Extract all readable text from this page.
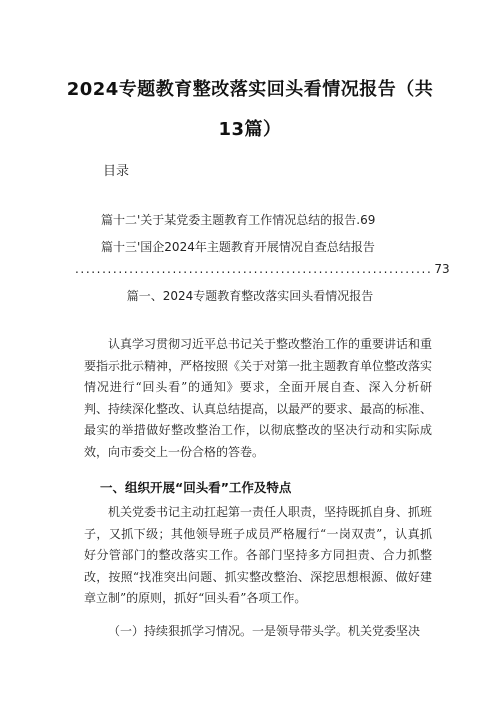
2024专题教育整改落实回头看情况报告（共
13篇）
目录
篇十二'关于某党委主题教育工作情况总结的报告.69
篇十三'国企2024年主题教育开展情况自查总结报告
.................................................................. 73
篇一、2024专题教育整改落实回头看情况报告

认真学习贯彻习近平总书记关于整改整治工作的重要讲话和重要指示批示精神，严格按照《关于对第一批主题教育单位整改落实情况进行“回头看”的通知》要求，全面开展自查、深入分析研判、持续深化整改、认真总结提高，以最严的要求、最高的标准、最实的举措做好整改整治工作，以彻底整改的坚决行动和实际成效，向市委交上一份合格的答卷。

一、组织开展“回头看”工作及特点

机关党委书记主动扛起第一责任人职责，坚持既抓自身、抓班子，又抓下级；其他领导班子成员严格履行“一岗双责”，认真抓好分管部门的整改落实工作。各部门坚持多方同担责、合力抓整改，按照“找准突出问题、抓实整改整治、深挖思想根源、做好建章立制”的原则，抓好“回头看”各项工作。

（一）持续狠抓学习情况。一是领导带头学。机关党委坚决
